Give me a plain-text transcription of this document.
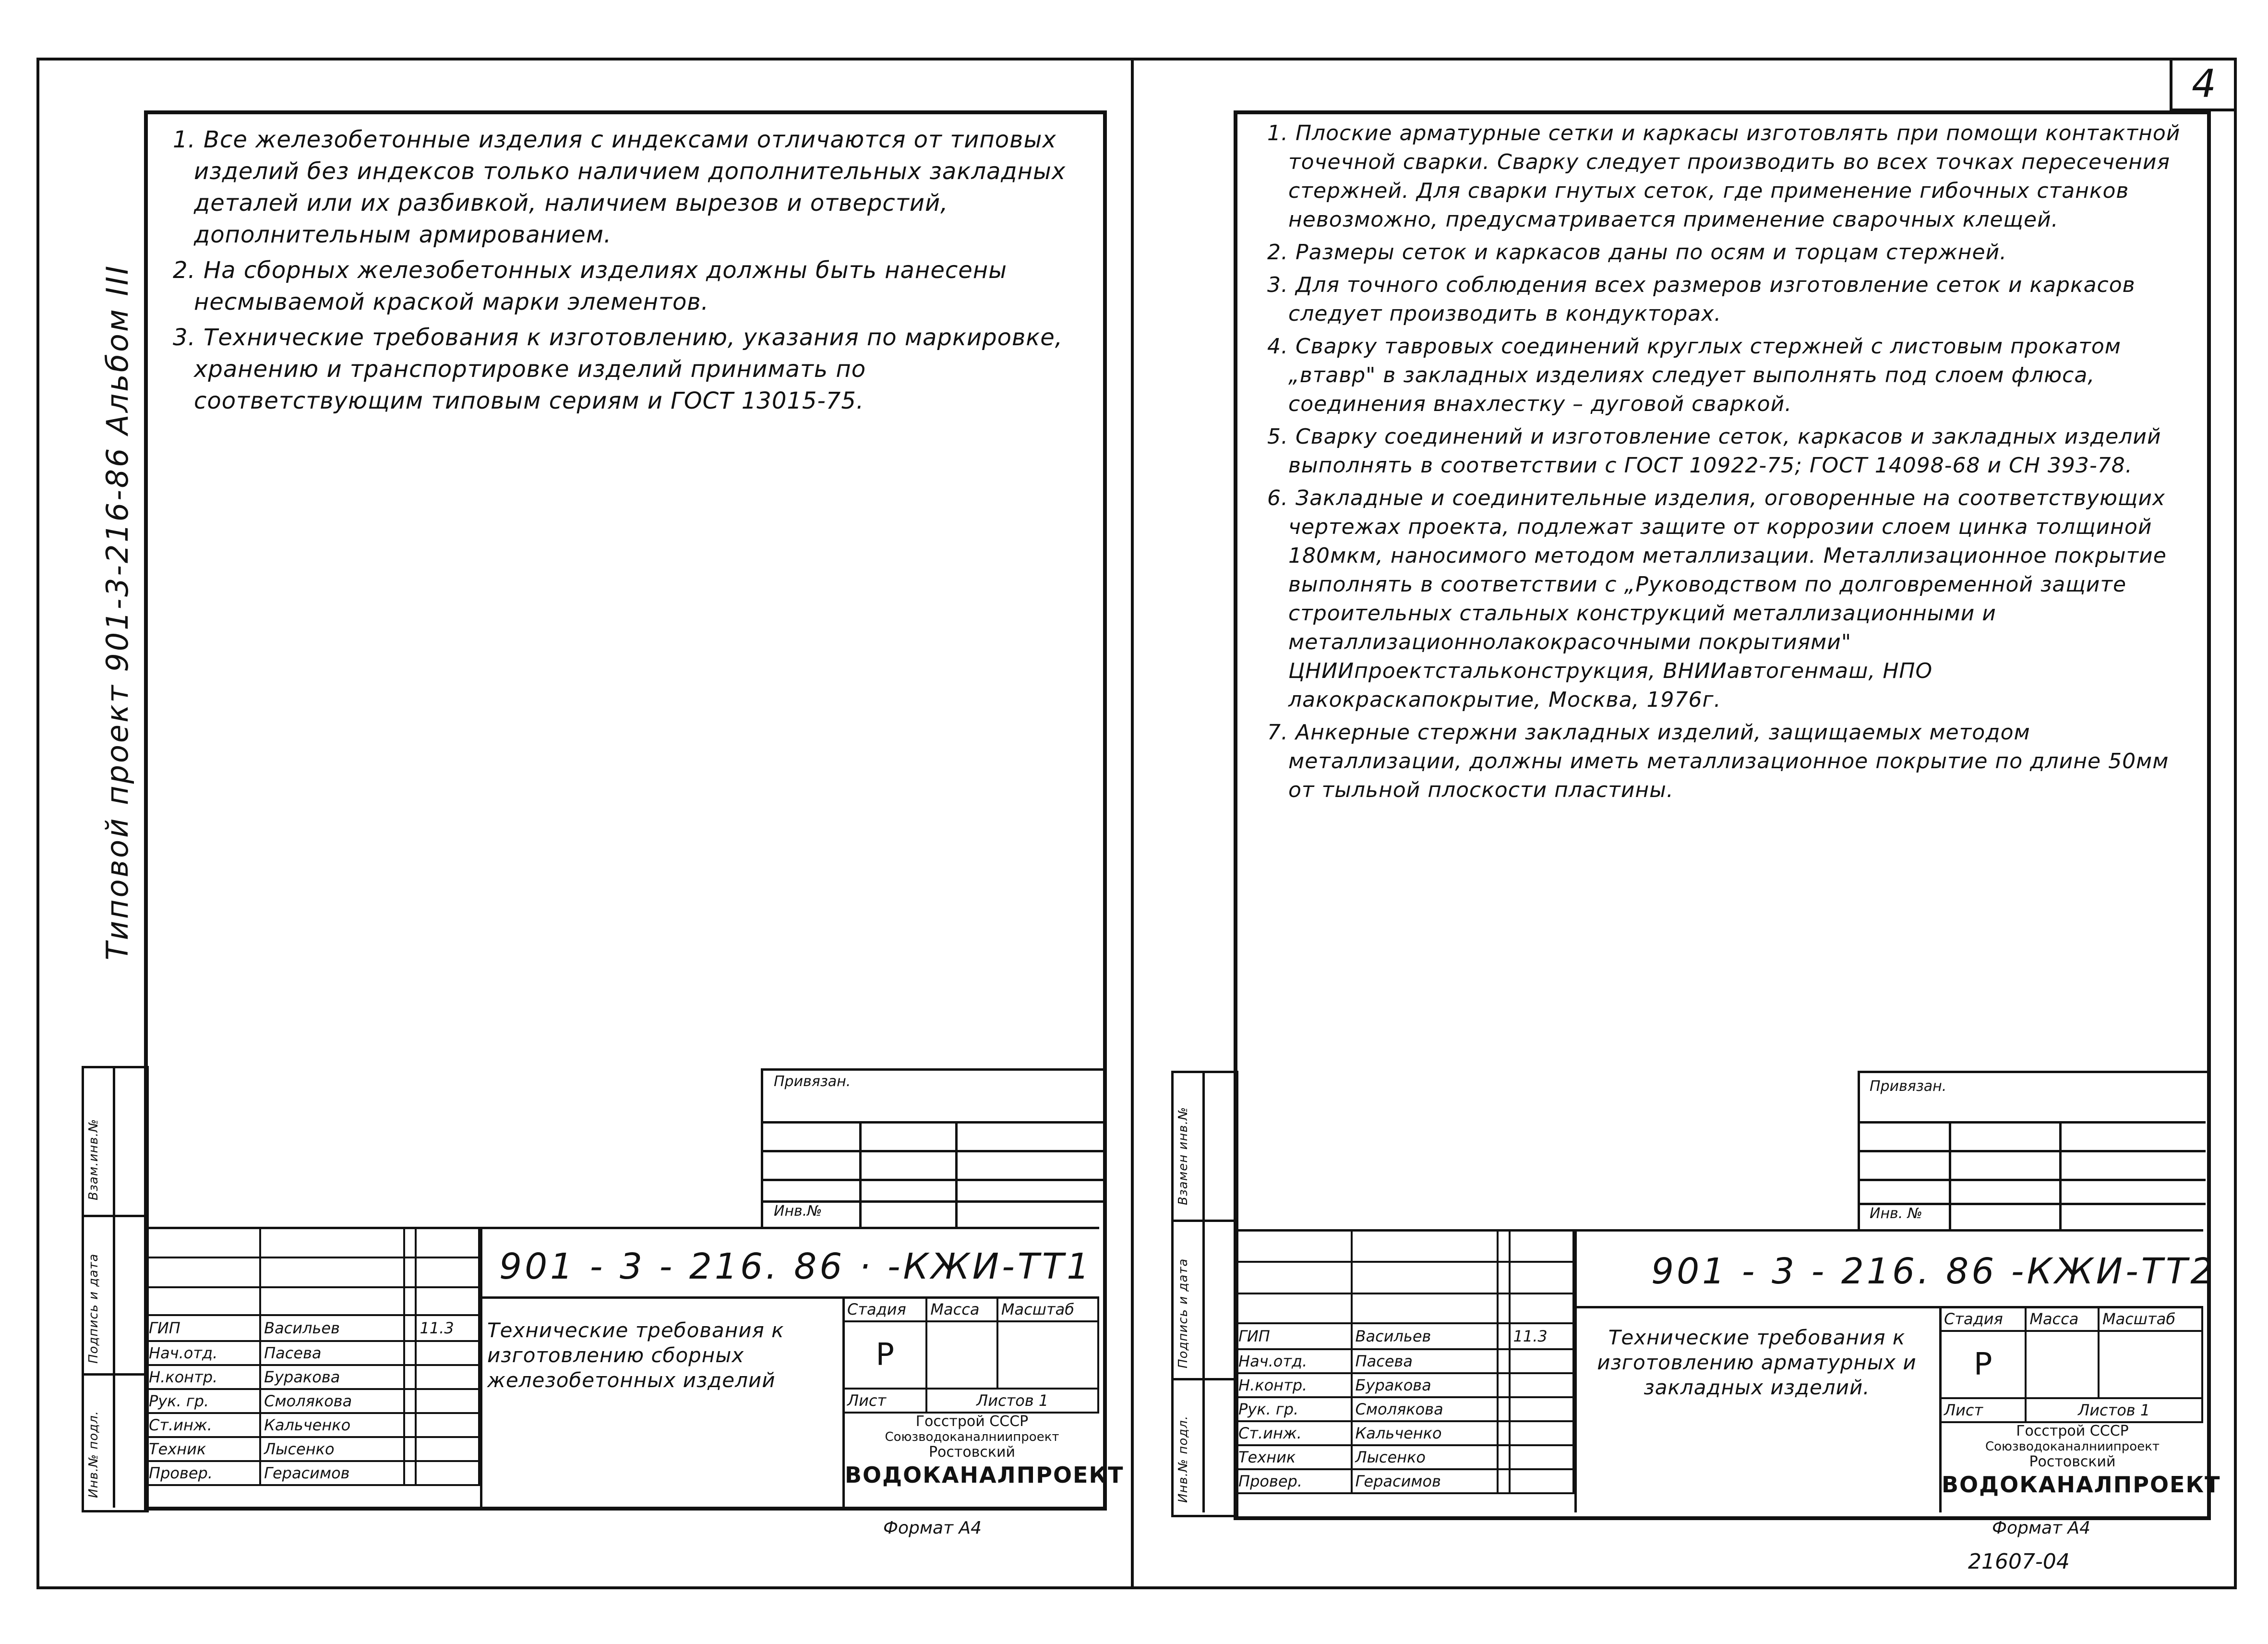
4
Типовой проект 901-3-216-86 Альбом III
Взам.инв.№
Подпись и дата
Инв.№ подл.

1. Все железобетонные изделия с индексами отличаются от типовых изделий без индексов только наличием дополнительных закладных деталей или их разбивкой, наличием вырезов и отверстий, дополнительным армированием.

2. На сборных железобетонных изделиях должны быть нанесены несмываемой краской марки элементов.

3. Технические требования к изготовлению, указания по маркировке, хранению и транспортировке изделий принимать по соответствующим типовым сериям и ГОСТ 13015-75.

Привязан.
Инв.№
901 - 3 - 216. 86 · -КЖИ-ТТ1

ГИП	Васильев		11.3
Нач.отд.	Пасева		
Н.контр.	Буракова		
Рук. гр.	Смолякова		
Ст.инж.	Кальченко		
Техник	Лысенко		
Провер.	Герасимов		
Технические требования к изготовлению сборных железобетонных изделий
Стадия	Масса	Масштаб
Р		
Лист	Листов 1	
Госстрой СССР
Союзводоканалниипроект
Ростовский
ВОДОКАНАЛПРОЕКТ
Формат А4
Взамен инв.№
Подпись и дата
Инв.№ подл.

1. Плоские арматурные сетки и каркасы изготовлять при помощи контактной точечной сварки. Сварку следует производить во всех точках пересечения стержней. Для сварки гнутых сеток, где применение гибочных станков невозможно, предусматривается применение сварочных клещей.

2. Размеры сеток и каркасов даны по осям и торцам стержней.

3. Для точного соблюдения всех размеров изготовление сеток и каркасов следует производить в кондукторах.

4. Сварку тавровых соединений круглых стержней с листовым прокатом „втавр" в закладных изделиях следует выполнять под слоем флюса, соединения внахлестку – дуговой сваркой.

5. Сварку соединений и изготовление сеток, каркасов и закладных изделий выполнять в соответствии с ГОСТ 10922-75; ГОСТ 14098-68 и СН 393-78.

6. Закладные и соединительные изделия, оговоренные на соответствующих чертежах проекта, подлежат защите от коррозии слоем цинка толщиной 180мкм, наносимого методом металлизации. Металлизационное покрытие выполнять в соответствии с „Руководством по долговременной защите строительных стальных конструкций металлизационными и металлизационнолакокрасочными покрытиями" ЦНИИпроектстальконструкция, ВНИИавтогенмаш, НПО лакокраскапокрытие, Москва, 1976г.

7. Анкерные стержни закладных изделий, защищаемых методом металлизации, должны иметь металлизационное покрытие по длине 50мм от тыльной плоскости пластины.

Привязан.
Инв. №
901 - 3 - 216. 86 -КЖИ-ТТ2

ГИП	Васильев		11.3
Нач.отд.	Пасева		
Н.контр.	Буракова		
Рук. гр.	Смолякова		
Ст.инж.	Кальченко		
Техник	Лысенко		
Провер.	Герасимов		
Технические требования к изготовлению арматурных и закладных изделий.
Стадия	Масса	Масштаб
Р		
Лист	Листов 1	
Госстрой СССР
Союзводоканалниипроект
Ростовский
ВОДОКАНАЛПРОЕКТ
Формат А4
21607-04
